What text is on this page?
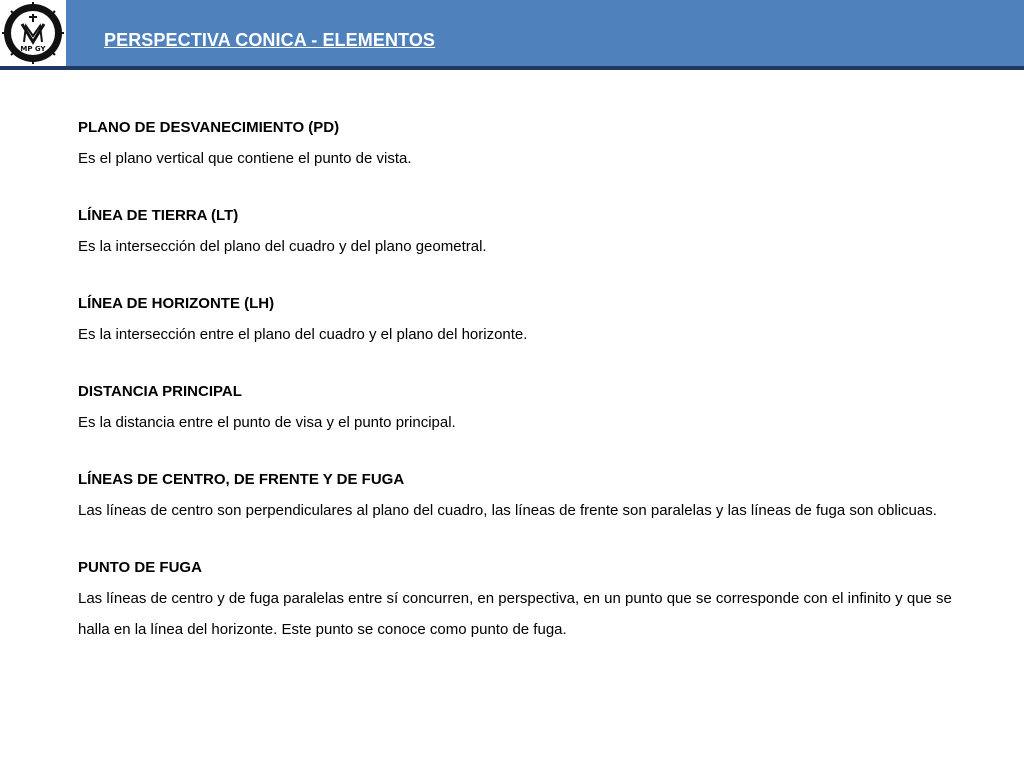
MP GY	PERSPECTIVA CONICA - ELEMENTOS
PLANO DE DESVANECIMIENTO (PD)
Es el plano vertical que contiene el punto de vista.
LÍNEA DE TIERRA (LT)
Es la intersección del plano del cuadro y del plano geometral.
LÍNEA DE HORIZONTE (LH)
Es la intersección entre el plano del cuadro y el plano del horizonte.
DISTANCIA PRINCIPAL
Es la distancia entre el punto de visa y el punto principal.
LÍNEAS DE CENTRO, DE FRENTE Y DE FUGA
Las líneas de centro son perpendiculares al plano del cuadro, las líneas de frente son paralelas y las líneas de fuga son oblicuas.
PUNTO DE FUGA
Las líneas de centro y de fuga paralelas entre sí concurren, en perspectiva, en un punto que se corresponde con el infinito y que se halla en la línea del horizonte. Este punto se conoce como punto de fuga.
